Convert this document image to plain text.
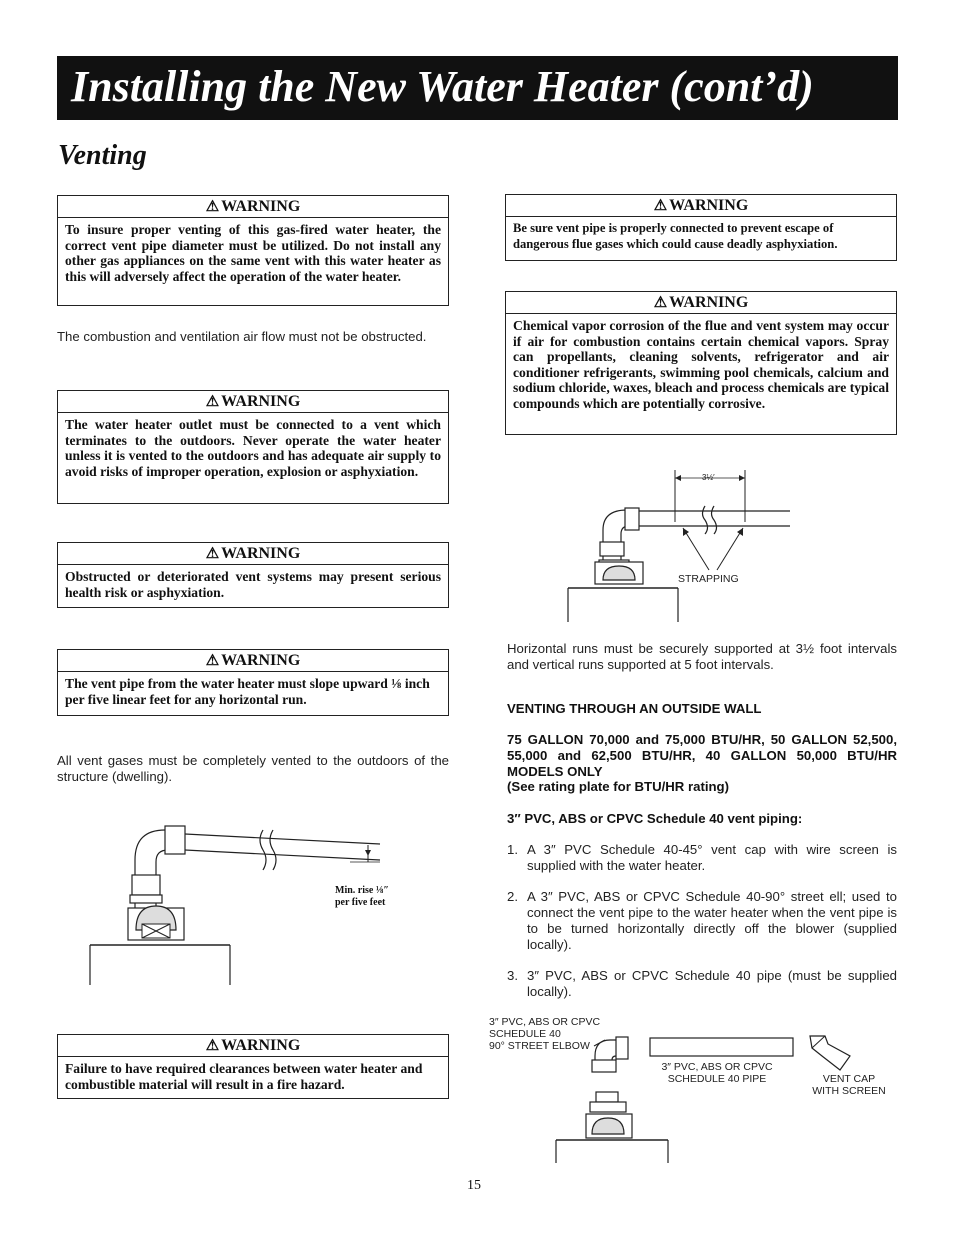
Installing the New Water Heater (cont’d)
Venting
⚠ WARNING
To insure proper venting of this gas-fired water heater, the correct vent pipe diameter must be utilized. Do not install any other gas appliances on the same vent with this water heater as this will adversely affect the operation of the water heater.
The combustion and ventilation air flow must not be obstructed.
⚠ WARNING
The water heater outlet must be connected to a vent which terminates to the outdoors. Never operate the water heater unless it is vented to the outdoors and has adequate air supply to avoid risks of improper operation, explosion or asphyxiation.
⚠ WARNING
Obstructed or deteriorated vent systems may present serious health risk or asphyxiation.
⚠ WARNING
The vent pipe from the water heater must slope upward ⅛ inch per five linear feet for any horizontal run.
All vent gases must be completely vented to the outdoors of the structure (dwelling).
Min. rise ⅛″
per five feet
⚠ WARNING
Failure to have required clearances between water heater and combustible material will result in a fire hazard.
⚠ WARNING
Be sure vent pipe is properly connected to prevent escape of dangerous flue gases which could cause deadly asphyxiation.
⚠ WARNING
Chemical vapor corrosion of the flue and vent system may occur if air for combustion contains certain chemical vapors. Spray can propellants, cleaning solvents, refrigerator and air conditioner refrigerants, swimming pool chemicals, calcium and sodium chloride, waxes, bleach and process chemicals are typical compounds which are potentially corrosive.
3½′
STRAPPING
Horizontal runs must be securely supported at 3½ foot intervals and vertical runs supported at 5 foot intervals.
VENTING THROUGH AN OUTSIDE WALL
75 GALLON 70,000 and 75,000 BTU/HR, 50 GALLON 52,500, 55,000 and 62,500 BTU/HR, 40 GALLON 50,000 BTU/HR MODELS ONLY
(See rating plate for BTU/HR rating)
3″ PVC, ABS or CPVC Schedule 40 vent piping:
1. A 3″ PVC Schedule 40-45° vent cap with wire screen is supplied with the water heater.
2. A 3″ PVC, ABS or CPVC Schedule 40-90° street ell; used to connect the vent pipe to the water heater when the vent pipe is to be turned horizontally directly off the blower (supplied locally).
3. 3″ PVC, ABS or CPVC Schedule 40 pipe (must be supplied locally).
3″ PVC, ABS OR CPVC
SCHEDULE 40
90° STREET ELBOW
3″ PVC, ABS OR CPVC
SCHEDULE 40 PIPE	VENT CAP
WITH SCREEN
15
